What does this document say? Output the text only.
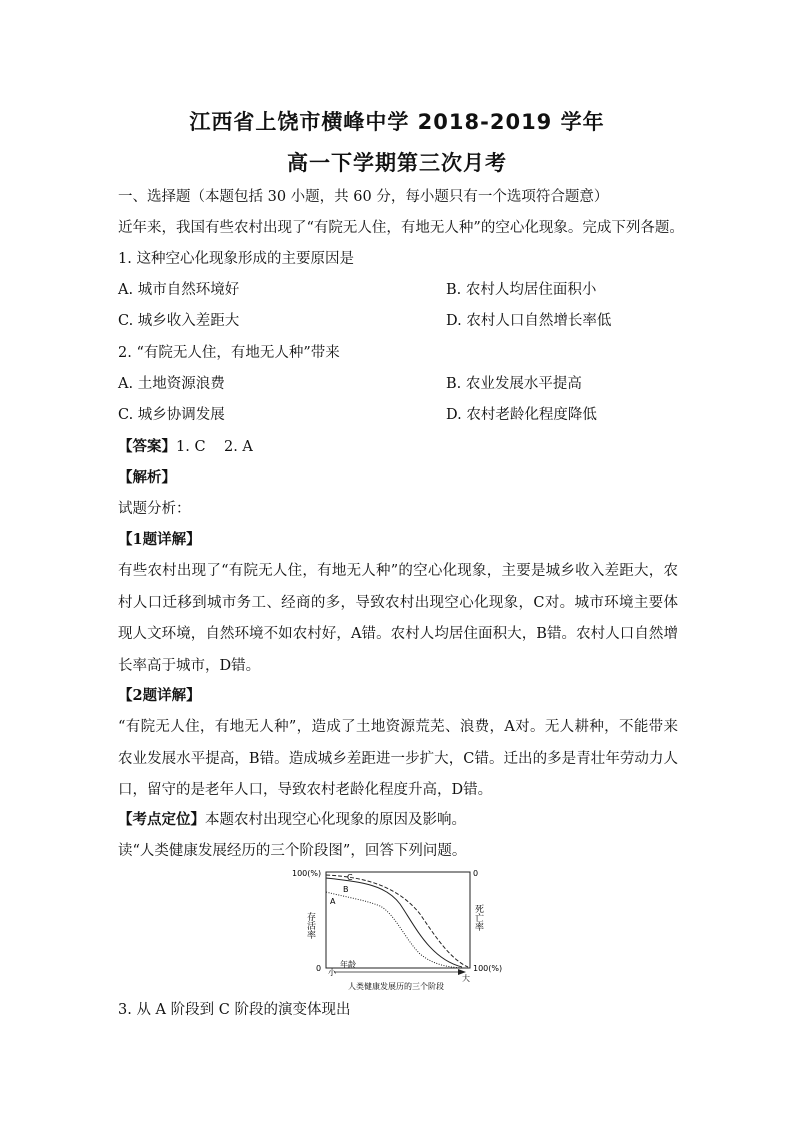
江西省上饶市横峰中学 2018-2019 学年
高一下学期第三次月考
一、选择题（本题包括 30 小题，共 60 分，每小题只有一个选项符合题意）
近年来，我国有些农村出现了“有院无人住，有地无人种”的空心化现象。完成下列各题。
1. 这种空心化现象形成的主要原因是
A. 城市自然环境好	B. 农村人均居住面积小
C. 城乡收入差距大	D. 农村人口自然增长率低
2. “有院无人住，有地无人种”带来
A. 土地资源浪费	B. 农业发展水平提高
C. 城乡协调发展	D. 农村老龄化程度降低
【答案】1. C    2. A
【解析】
试题分析：
【1题详解】
有些农村出现了“有院无人住，有地无人种”的空心化现象，主要是城乡收入差距大，农村人口迁移到城市务工、经商的多，导致农村出现空心化现象，C对。城市环境主要体现人文环境，自然环境不如农村好，A错。农村人均居住面积大，B错。农村人口自然增长率高于城市，D错。
【2题详解】
“有院无人住，有地无人种”，造成了土地资源荒芜、浪费，A对。无人耕种，不能带来农业发展水平提高，B错。造成城乡差距进一步扩大，C错。迁出的多是青壮年劳动力人口，留守的是老年人口，导致农村老龄化程度升高，D错。
【考点定位】本题农村出现空心化现象的原因及影响。
读“人类健康发展经历的三个阶段图”，回答下列问题。
100(%)	0
100(%)
0
存活率	死亡率
小
年龄
大
人类健康发展历的三个阶段
A
B
C
3. 从 A 阶段到 C 阶段的演变体现出
